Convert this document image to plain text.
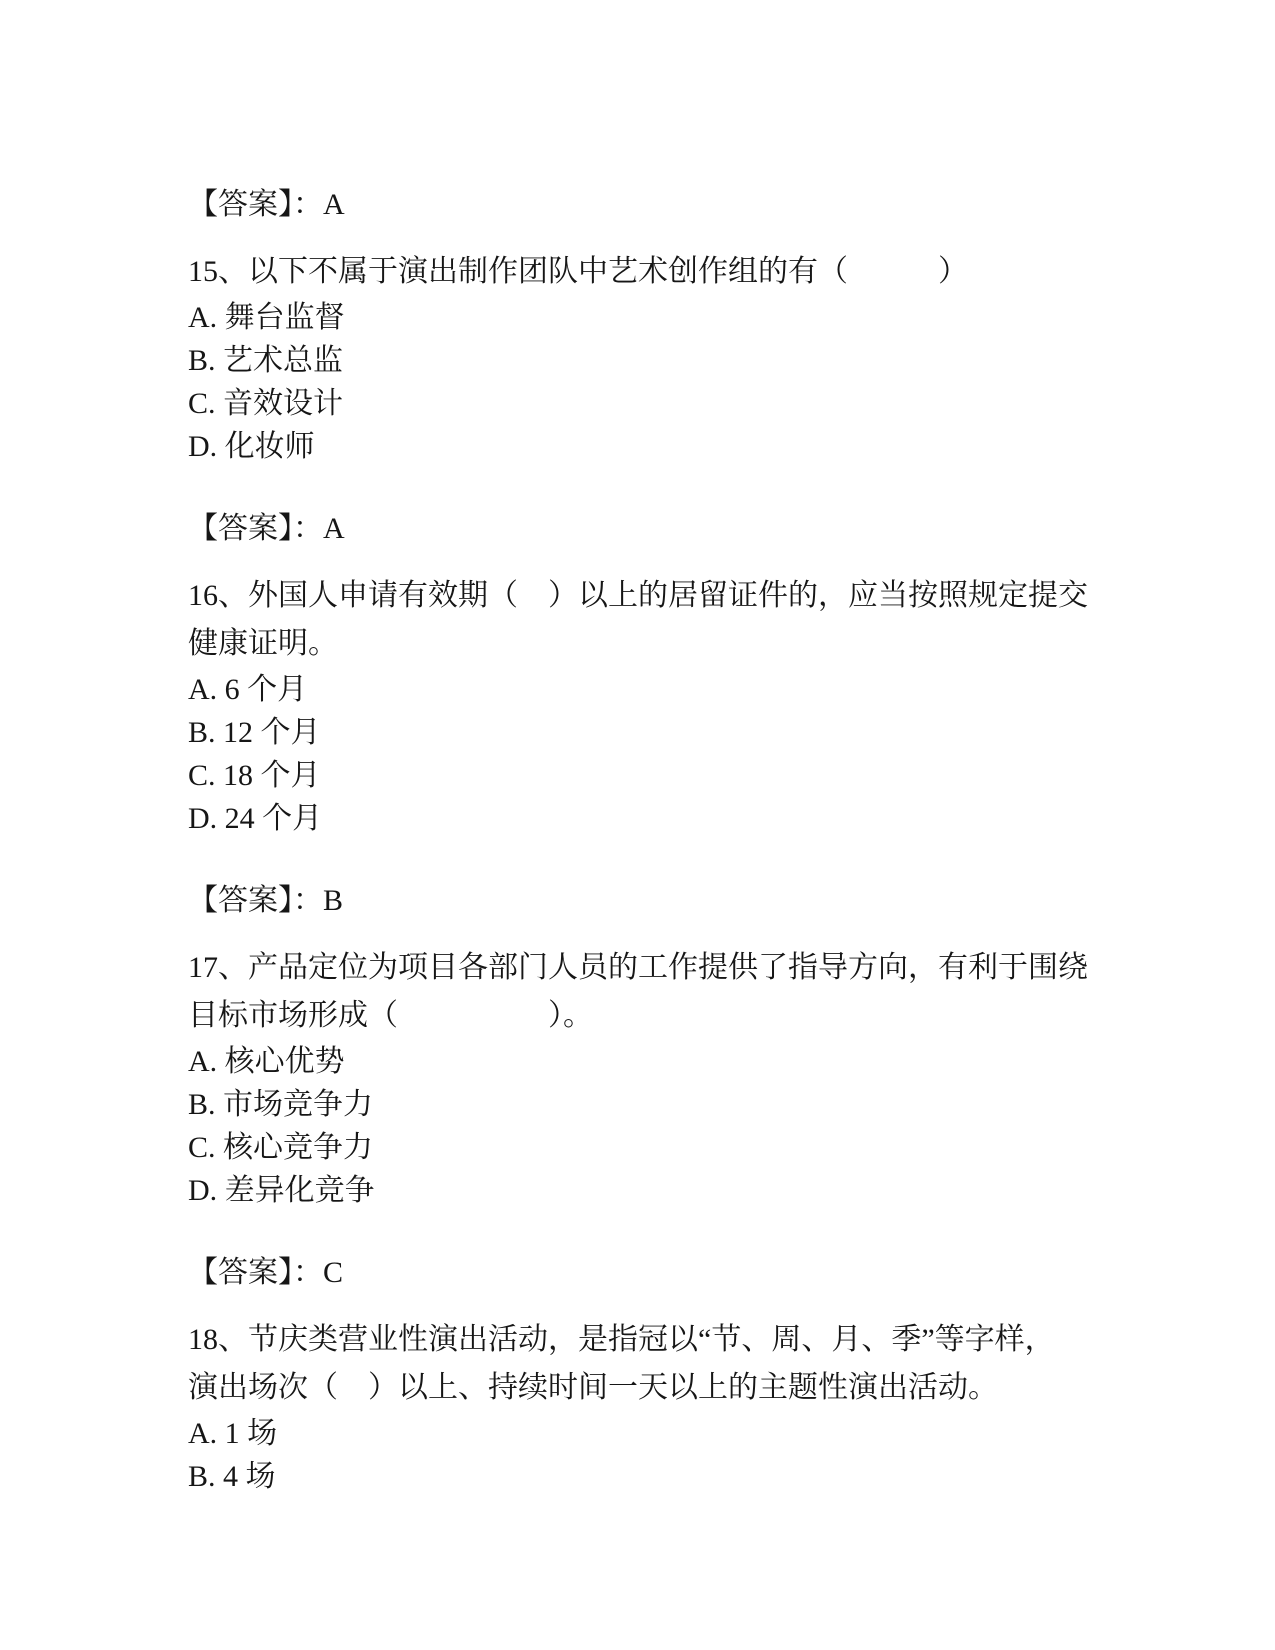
【答案】：A

15、以下不属于演出制作团队中艺术创作组的有（　　　）

A. 舞台监督

B. 艺术总监

C. 音效设计

D. 化妆师

【答案】：A

16、外国人申请有效期（　）以上的居留证件的，应当按照规定提交

健康证明。

A. 6 个月

B. 12 个月

C. 18 个月

D. 24 个月

【答案】：B

17、产品定位为项目各部门人员的工作提供了指导方向，有利于围绕

目标市场形成（　　　　　）。

A. 核心优势

B. 市场竞争力

C. 核心竞争力

D. 差异化竞争

【答案】：C

18、节庆类营业性演出活动，是指冠以“节、周、月、季”等字样，

演出场次（　）以上、持续时间一天以上的主题性演出活动。

A. 1 场

B. 4 场
